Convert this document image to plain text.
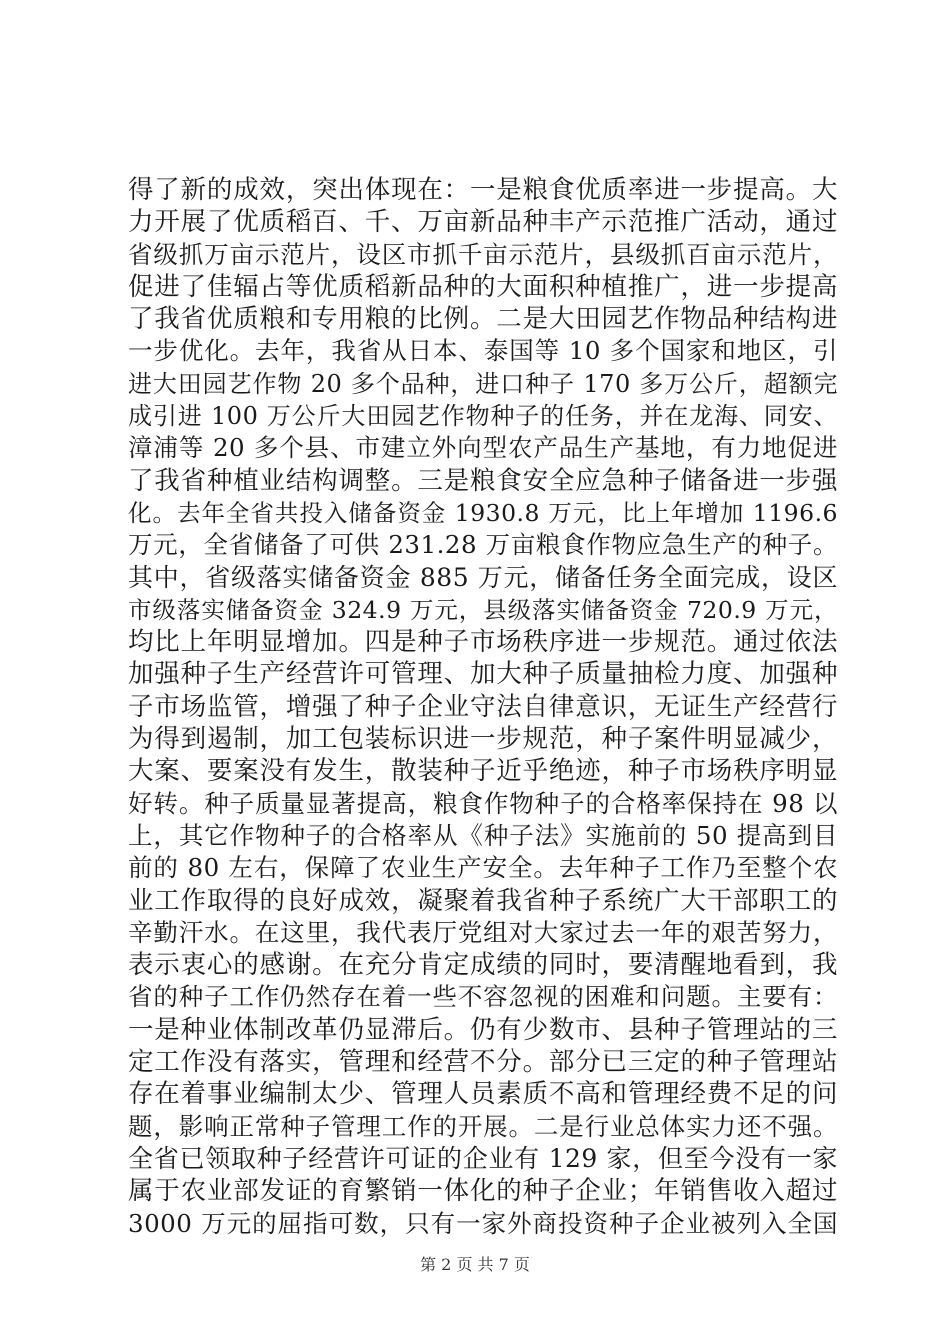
得了新的成效，突出体现在：一是粮食优质率进一步提高。大
力开展了优质稻百、千、万亩新品种丰产示范推广活动，通过
省级抓万亩示范片，设区市抓千亩示范片，县级抓百亩示范片，
促进了佳辐占等优质稻新品种的大面积种植推广，进一步提高
了我省优质粮和专用粮的比例。二是大田园艺作物品种结构进
一步优化。去年，我省从日本、泰国等 10 多个国家和地区，引
进大田园艺作物 20 多个品种，进口种子 170 多万公斤，超额完
成引进 100 万公斤大田园艺作物种子的任务，并在龙海、同安、
漳浦等 20 多个县、市建立外向型农产品生产基地，有力地促进
了我省种植业结构调整。三是粮食安全应急种子储备进一步强
化。去年全省共投入储备资金 1930.8 万元，比上年增加 1196.6
万元，全省储备了可供 231.28 万亩粮食作物应急生产的种子。
其中，省级落实储备资金 885 万元，储备任务全面完成，设区
市级落实储备资金 324.9 万元，县级落实储备资金 720.9 万元，
均比上年明显增加。四是种子市场秩序进一步规范。通过依法
加强种子生产经营许可管理、加大种子质量抽检力度、加强种
子市场监管，增强了种子企业守法自律意识，无证生产经营行
为得到遏制，加工包装标识进一步规范，种子案件明显减少，
大案、要案没有发生，散装种子近乎绝迹，种子市场秩序明显
好转。种子质量显著提高，粮食作物种子的合格率保持在 98 以
上，其它作物种子的合格率从《种子法》实施前的 50 提高到目
前的 80 左右，保障了农业生产安全。去年种子工作乃至整个农
业工作取得的良好成效，凝聚着我省种子系统广大干部职工的
辛勤汗水。在这里，我代表厅党组对大家过去一年的艰苦努力，
表示衷心的感谢。在充分肯定成绩的同时，要清醒地看到，我
省的种子工作仍然存在着一些不容忽视的困难和问题。主要有：
一是种业体制改革仍显滞后。仍有少数市、县种子管理站的三
定工作没有落实，管理和经营不分。部分已三定的种子管理站
存在着事业编制太少、管理人员素质不高和管理经费不足的问
题，影响正常种子管理工作的开展。二是行业总体实力还不强。
全省已领取种子经营许可证的企业有 129 家，但至今没有一家
属于农业部发证的育繁销一体化的种子企业；年销售收入超过
3000 万元的屈指可数，只有一家外商投资种子企业被列入全国
第 2 页 共 7 页
